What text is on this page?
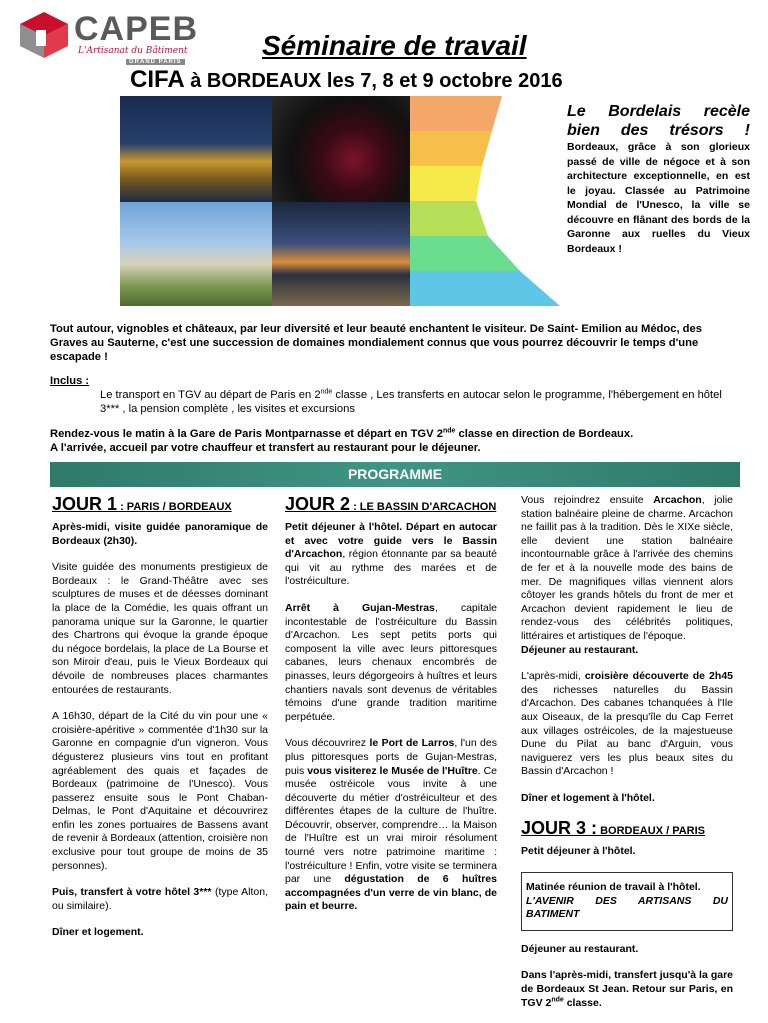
CAPEB
L'Artisanat du Bâtiment
GRAND PARIS
Séminaire de travail
CIFA à BORDEAUX les 7, 8 et 9 octobre 2016
Le Bordelais recèle bien des trésors ! Bordeaux, grâce à son glorieux passé de ville de négoce et à son architecture exceptionnelle, en est le joyau. Classée au Patrimoine Mondial de l'Unesco, la ville se découvre en flânant des bords de la Garonne aux ruelles du Vieux Bordeaux !
Tout autour, vignobles et châteaux, par leur diversité et leur beauté enchantent le visiteur. De Saint- Emilion au Médoc, des Graves au Sauterne, c'est une succession de domaines mondialement connus que vous pourrez découvrir le temps d'une escapade !
Inclus :
Le transport en TGV au départ de Paris en 2nde classe , Les transferts en autocar selon le programme, l'hébergement en hôtel 3*** , la pension complète , les visites et excursions
Rendez-vous le matin à la Gare de Paris Montparnasse et départ en TGV 2nde classe en direction de Bordeaux.
A l'arrivée, accueil par votre chauffeur et transfert au restaurant pour le déjeuner.
PROGRAMME
JOUR 1 : PARIS / BORDEAUX

Après-midi, visite guidée panoramique de Bordeaux (2h30).

Visite guidée des monuments prestigieux de Bordeaux : le Grand-Théâtre avec ses sculptures de muses et de déesses dominant la place de la Comédie, les quais offrant un panorama unique sur la Garonne, le quartier des Chartrons qui évoque la grande époque du négoce bordelais, la place de La Bourse et son Miroir d'eau, puis le Vieux Bordeaux qui dévoile de nombreuses places charmantes entourées de restaurants.

A 16h30, départ de la Cité du vin pour une « croisière-apéritive » commentée d'1h30 sur la Garonne en compagnie d'un vigneron. Vous dégusterez plusieurs vins tout en profitant agréablement des quais et façades de Bordeaux (patrimoine de l'Unesco). Vous passerez ensuite sous le Pont Chaban-Delmas, le Pont d'Aquitaine et découvrirez enfin les zones portuaires de Bassens avant de revenir à Bordeaux (attention, croisière non exclusive pour tout groupe de moins de 35 personnes).

Puis, transfert à votre hôtel 3*** (type Alton, ou similaire).

Dîner et logement.

JOUR 2 : LE BASSIN D'ARCACHON

Petit déjeuner à l'hôtel. Départ en autocar et avec votre guide vers le Bassin d'Arcachon, région étonnante par sa beauté qui vit au rythme des marées et de l'ostréiculture.

Arrêt à Gujan-Mestras, capitale incontestable de l'ostréiculture du Bassin d'Arcachon. Les sept petits ports qui composent la ville avec leurs pittoresques cabanes, leurs chenaux encombrés de pinasses, leurs dégorgeoirs à huîtres et leurs chantiers navals sont devenus de véritables témoins d'une grande tradition maritime perpétuée.

Vous découvrirez le Port de Larros, l'un des plus pittoresques ports de Gujan-Mestras, puis vous visiterez le Musée de l'Huître. Ce musée ostréicole vous invite à une découverte du métier d'ostréiculteur et des différentes étapes de la culture de l'huître. Découvrir, observer, comprendre… la Maison de l'Huître est un vrai miroir résolument tourné vers notre patrimoine maritime : l'ostréiculture ! Enfin, votre visite se terminera par une dégustation de 6 huîtres accompagnées d'un verre de vin blanc, de pain et beurre.

Vous rejoindrez ensuite Arcachon, jolie station balnéaire pleine de charme. Arcachon ne faillit pas à la tradition. Dès le XIXe siècle, elle devient une station balnéaire incontournable grâce à l'arrivée des chemins de fer et à la nouvelle mode des bains de mer. De magnifiques villas viennent alors côtoyer les grands hôtels du front de mer et Arcachon devient rapidement le lieu de rendez-vous des célébrités politiques, littéraires et artistiques de l'époque.
Déjeuner au restaurant.

L'après-midi, croisière découverte de 2h45 des richesses naturelles du Bassin d'Arcachon. Des cabanes tchanquées à l'Ile aux Oiseaux, de la presqu'île du Cap Ferret aux villages ostréicoles, de la majestueuse Dune du Pilat au banc d'Arguin, vous naviguerez vers les plus beaux sites du Bassin d'Arcachon !

Dîner et logement à l'hôtel.

JOUR 3 : BORDEAUX / PARIS

Petit déjeuner à l'hôtel.

Matinée réunion de travail à l'hôtel.
L'AVENIR DES ARTISANS DU BATIMENT

Déjeuner au restaurant.

Dans l'après-midi, transfert jusqu'à la gare de Bordeaux St Jean. Retour sur Paris, en TGV 2nde classe.
